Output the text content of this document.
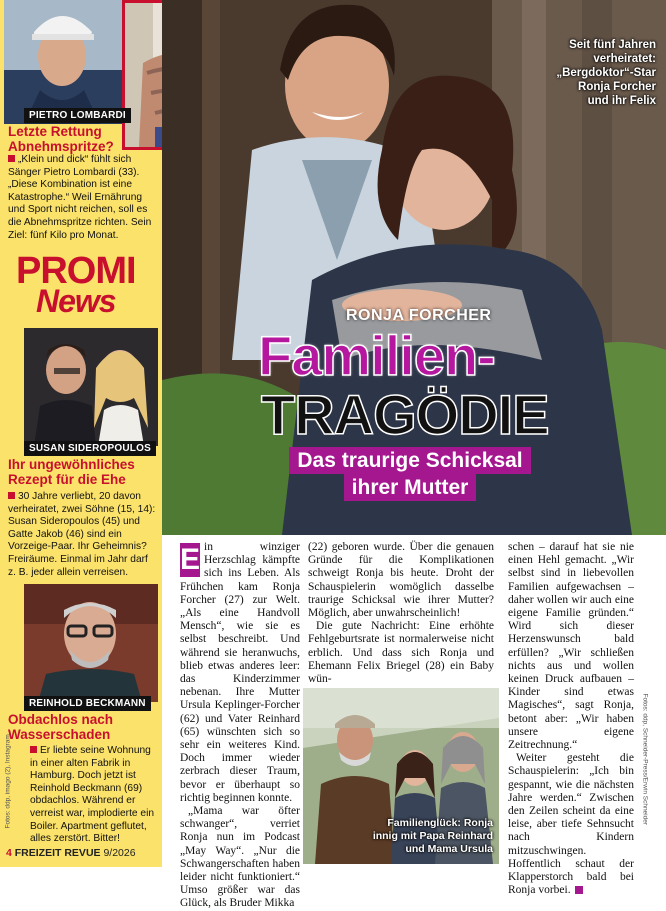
PIETRO LOMBARDI
Letzte Rettung Abnehmspritze?
„Klein und dick“ fühlt sich Sänger Pietro Lombardi (33). „Diese Kombination ist eine Katastrophe.“ Weil Ernährung und Sport nicht reichen, soll es die Abnehmspritze richten. Sein Ziel: fünf Kilo pro Monat.
PROMI
News
SUSAN SIDEROPOULOS
Ihr ungewöhnliches Rezept für die Ehe
30 Jahre verliebt, 20 davon verheiratet, zwei Söhne (15, 14): Susan Sideropoulos (45) und Gatte Jakob (46) sind ein Vorzeige-Paar. Ihr Geheimnis? Freiräume. Einmal im Jahr darf z. B. jeder allein verreisen.
REINHOLD BECKMANN
Obdachlos nach Wasserschaden
Er liebte seine Wohnung in einer alten Fabrik in Hamburg. Doch jetzt ist Reinhold Beckmann (69) obdachlos. Während er verreist war, implodierte ein Boiler. Apartment geflutet, alles zerstört. Bitter!
Fotos: ddp, imago (2), Instagram
4 FREIZEIT REVUE 9/2026
Seit fünf Jahren
verheiratet:
„Bergdoktor“-Star
Ronja Forcher
und ihr Felix
RONJA FORCHER
Familien-
TRAGÖDIE
Das traurige Schicksal
ihrer Mutter

E in winziger Herzschlag kämpfte sich ins Leben. Als Frühchen kam Ronja Forcher (27) zur Welt. „Als eine Handvoll Mensch“, wie sie es selbst beschreibt. Und während sie heranwuchs, blieb etwas anderes leer: das Kinderzimmer nebenan. Ihre Mutter Ursula Keplinger-Forcher (62) und Vater Reinhard (65) wünschten sich so sehr ein weiteres Kind. Doch immer wieder zerbrach dieser Traum, bevor er überhaupt so richtig beginnen konnte.

„Mama war öfter schwanger“, verriet Ronja nun im Podcast „May Way“. „Nur die Schwangerschaften haben leider nicht funktioniert.“ Umso größer war das Glück, als Bruder Mikka

(22) geboren wurde. Über die genauen Gründe für die Komplikationen schweigt Ronja bis heute. Droht der Schauspielerin womöglich dasselbe traurige Schicksal wie ihrer Mutter? Möglich, aber unwahrscheinlich!

Die gute Nachricht: Eine erhöhte Fehlgeburtsrate ist normalerweise nicht erblich. Und dass sich Ronja und Ehemann Felix Briegel (28) ein Baby wün-

schen – darauf hat sie nie einen Hehl gemacht. „Wir selbst sind in liebevollen Familien aufgewachsen – daher wollen wir auch eine eigene Familie gründen.“ Wird sich dieser Herzenswunsch bald erfüllen? „Wir schließen nichts aus und wollen keinen Druck aufbauen – Kinder sind etwas Magisches“, sagt Ronja, betont aber: „Wir haben unsere eigene Zeitrechnung.“

Weiter gesteht die Schauspielerin: „Ich bin gespannt, wie die nächsten Jahre werden.“ Zwischen den Zeilen scheint da eine leise, aber tiefe Sehnsucht nach Kindern mitzuschwingen. Hoffentlich schaut der Klapperstorch bald bei Ronja vorbei.

Familienglück: Ronja
innig mit Papa Reinhard
und Mama Ursula
Fotos: ddp, Schneider-Press/Erwin Schneider
